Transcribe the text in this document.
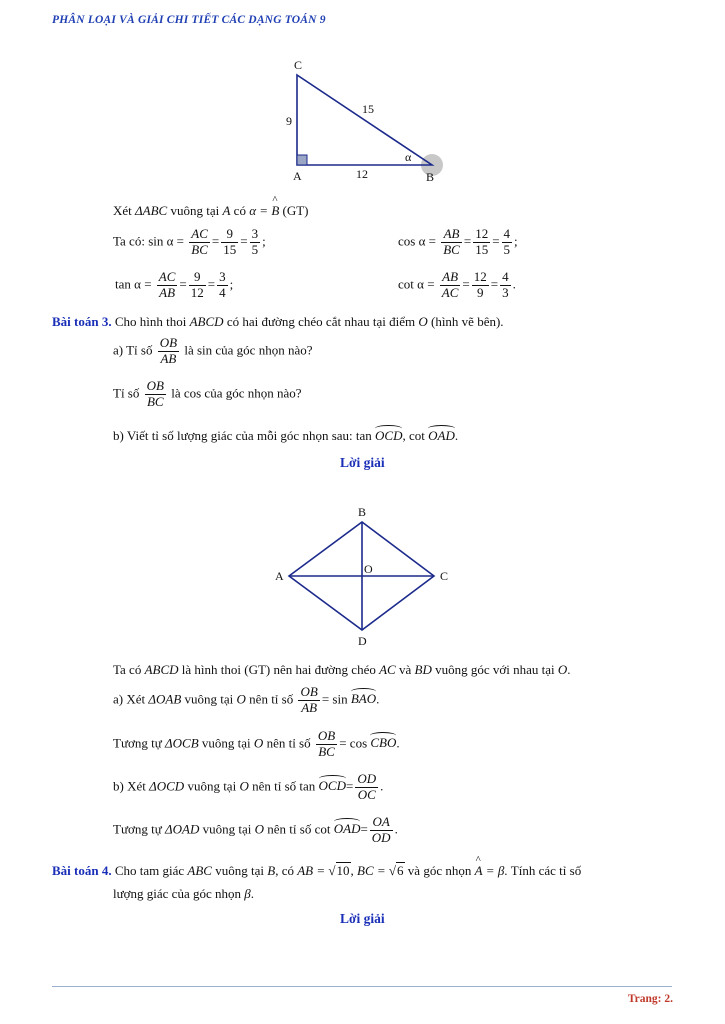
PHÂN LOẠI VÀ GIẢI CHI TIẾT CÁC DẠNG TOÁN 9
C
A	B
9
15
12
α
Xét ΔABC vuông tại A có α = ^ B (GT)
Ta có: $\sin \alpha = \frac{AC}{BC} = \frac{9}{15} = \frac{3}{5}$ ;	$\cos \alpha = \frac{AB}{BC} = \frac{12}{15} = \frac{4}{5}$ ;
$\tan \alpha = \frac{AC}{AB} = \frac{9}{12} = \frac{3}{4}$ ;	$\cot \alpha = \frac{AB}{AC} = \frac{12}{9} = \frac{4}{3}$ .
Bài toán 3. Cho hình thoi ABCD có hai đường chéo cắt nhau tại điểm O (hình vẽ bên).
a) Tỉ số $\frac{OB}{AB}$ là sin của góc nhọn nào?
Tỉ số $\frac{OB}{BC}$ là cos của góc nhọn nào?
b) Viết tỉ số lượng giác của mỗi góc nhọn sau: tan OCD, cot OAD.
Lời giải
B
A	C
D
O
Ta có ABCD là hình thoi (GT) nên hai đường chéo AC và BD vuông góc với nhau tại O.
a) Xét ΔOAB vuông tại O nên tỉ số $\frac{OB}{AB} = \sin$ BAO.
Tương tự ΔOCB vuông tại O nên tỉ số $\frac{OB}{BC} = \cos$ CBO.
b) Xét ΔOCD vuông tại O nên tỉ số $\tan OCD= \frac{OD}{OC}$ .
Tương tự ΔOAD vuông tại O nên tỉ số $\cot OAD= \frac{OA}{OD}$ .
Bài toán 4. Cho tam giác ABC vuông tại B, có AB = √10, BC = √6 và góc nhọn ^ A = β. Tính các tỉ số
lượng giác của góc nhọn β.
Lời giải
Trang: 2.
